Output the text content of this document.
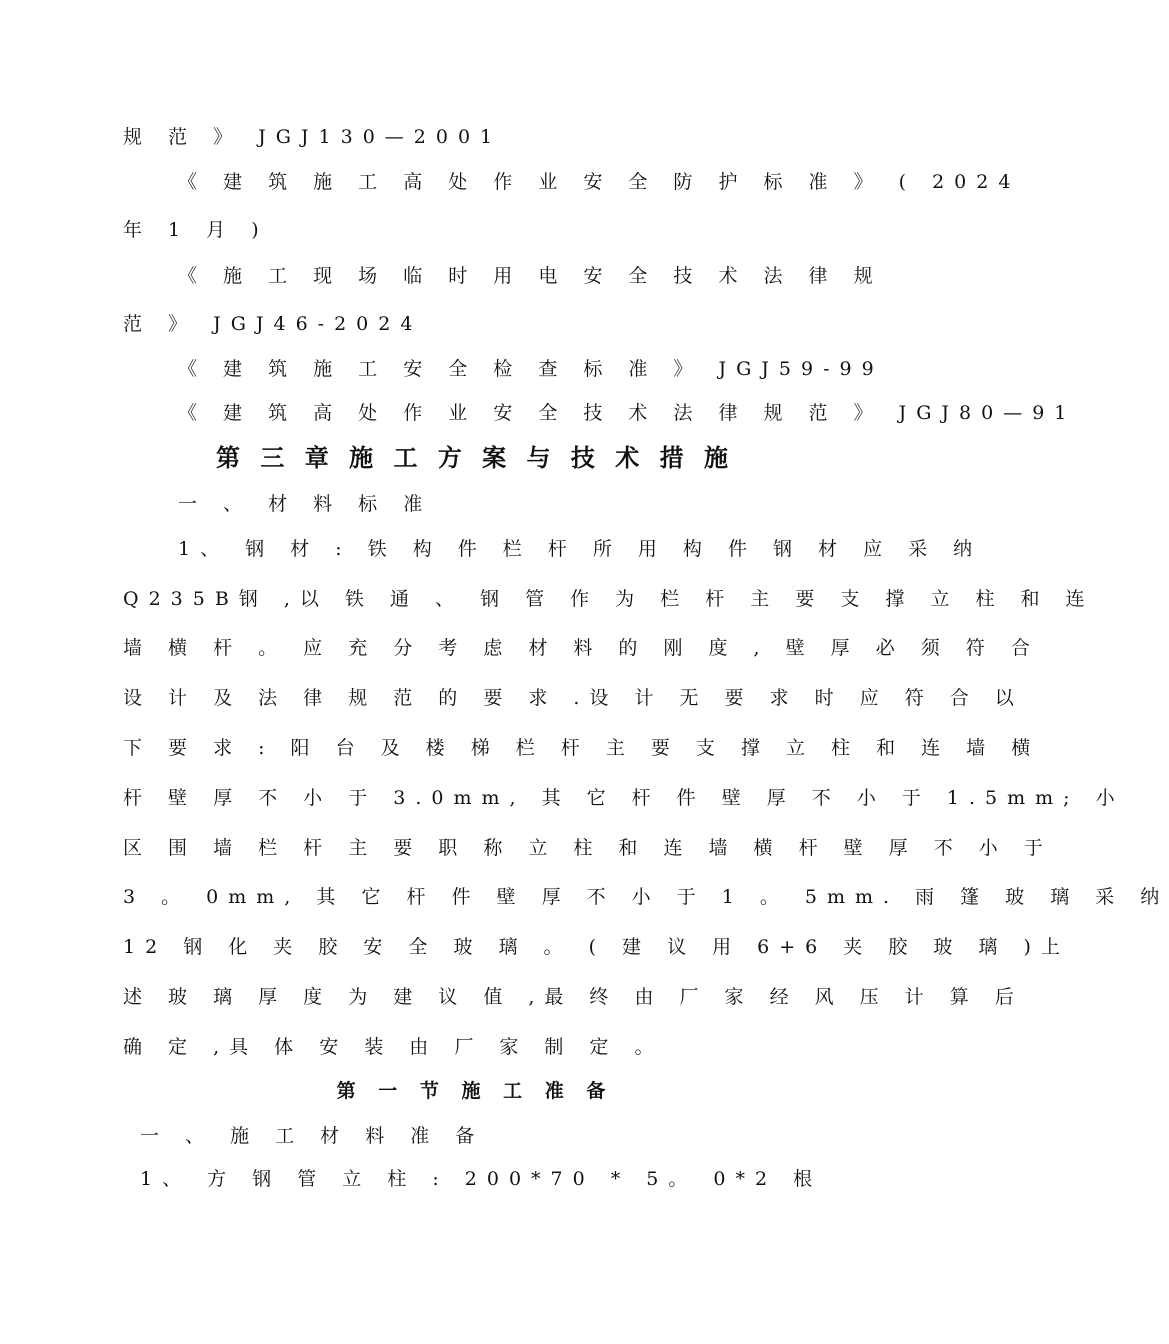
规 范 》 JGJ130—2001
《 建 筑 施 工 高 处 作 业 安 全 防 护 标 准 》 ( 2024
年 1 月 )
《 施 工 现 场 临 时 用 电 安 全 技 术 法 律 规
范 》 JGJ46-2024
《 建 筑 施 工 安 全 检 查 标 准 》 JGJ59-99
《 建 筑 高 处 作 业 安 全 技 术 法 律 规 范 》 JGJ80—91
第 三 章 施 工 方 案 与 技 术 措 施
一 、 材 料 标 准
1、 钢 材 : 铁 构 件 栏 杆 所 用 构 件 钢 材 应 采 纳
Q235B钢 ,以 铁 通 、 钢 管 作 为 栏 杆 主 要 支 撑 立 柱 和 连
墙 横 杆 。 应 充 分 考 虑 材 料 的 刚 度 , 壁 厚 必 须 符 合
设 计 及 法 律 规 范 的 要 求 .设 计 无 要 求 时 应 符 合 以
下 要 求 : 阳 台 及 楼 梯 栏 杆 主 要 支 撑 立 柱 和 连 墙 横
杆 壁 厚 不 小 于 3.0mm, 其 它 杆 件 壁 厚 不 小 于 1.5mm; 小
区 围 墙 栏 杆 主 要 职 称 立 柱 和 连 墙 横 杆 壁 厚 不 小 于
3 。 0mm, 其 它 杆 件 壁 厚 不 小 于 1 。 5mm. 雨 篷 玻 璃 采 纳
12 钢 化 夹 胶 安 全 玻 璃 。 ( 建 议 用 6+6 夹 胶 玻 璃 )上
述 玻 璃 厚 度 为 建 议 值 ,最 终 由 厂 家 经 风 压 计 算 后
确 定 ,具 体 安 装 由 厂 家 制 定 。
第 一 节 施 工 准 备
一 、 施 工 材 料 准 备
1、 方 钢 管 立 柱 : 200*70 * 5。 0*2 根
